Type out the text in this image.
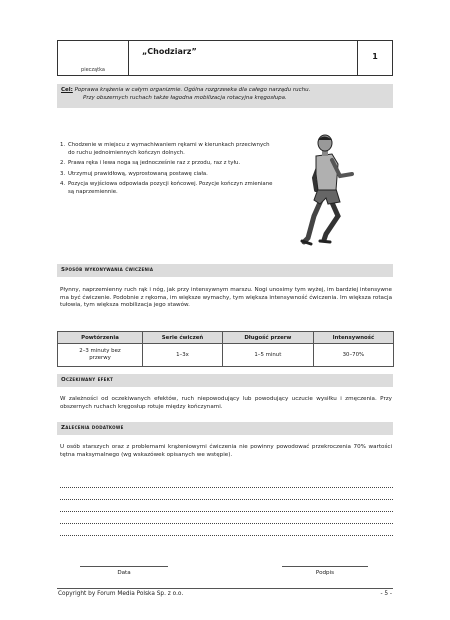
pieczątka
„Chodziarz”
1
Cel: Poprawa krążenia w całym organizmie. Ogólna rozgrzewka dla całego narządu ruchu.
Przy obszernych ruchach także łagodna mobilizacja rotacyjna kręgosłupa.
1. Chodzenie w miejscu z wymachiwaniem rękami w kierunkach przeciwnych do ruchu jednoimiennych kończyn dolnych.
2. Prawa ręka i lewa noga są jednocześnie raz z przodu, raz z tyłu.
3. Utrzymuj prawidłową, wyprostowaną postawę ciała.
4. Pozycja wyjściowa odpowiada pozycji końcowej. Pozycje kończyn zmieniane są naprzemiennie.
Sposób wykonywania ćwiczenia
Płynny, naprzemienny ruch rąk i nóg, jak przy intensywnym marszu. Nogi unosimy tym wyżej, im bardziej intensywne ma być ćwiczenie. Podobnie z rękoma, im większe wymachy, tym większa intensywność ćwiczenia. Im większa rotacja tułowia, tym większa mobilizacja jego stawów.
Powtórzenia	Serie ćwiczeń	Długość przerw	Intensywność

2–3 minuty bez przerwy	1–3x	1–5 minut	30–70%
Oczekiwany efekt
W zależności od oczekiwanych efektów, ruch niepowodujący lub powodujący uczucie wysiłku i zmęczenia. Przy obszernych ruchach kręgosłup rotuje między kończynami.
Zalecenia dodatkowe
U osób starszych oraz z problemami krążeniowymi ćwiczenia nie powinny powodować przekroczenia 70% wartości tętna maksymalnego (wg wskazówek opisanych we wstępie).
Data	Podpis
Copyright by Forum Media Polska Sp. z o.o.	- 5 -
